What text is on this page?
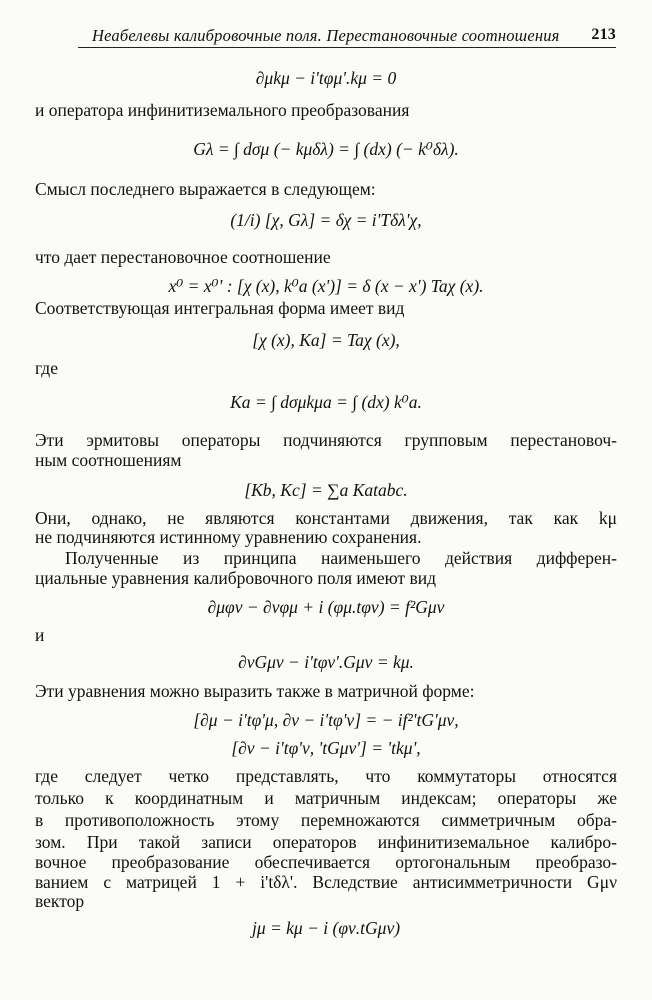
Неабелевы калибровочные поля. Перестановочные соотношения 213
∂μkμ − i'tφμ'.kμ = 0
и оператора инфинитиземального преобразования
Gλ = ∫ dσμ (− kμδλ) = ∫ (dx) (− k⁰δλ).
Смысл последнего выражается в следующем:
(1/i) [χ, Gλ] = δχ = i'Tδλ'χ,
что дает перестановочное соотношение
x⁰ = x⁰' : [χ (x), k⁰a (x')] = δ (x − x') Taχ (x).
Соответствующая интегральная форма имеет вид
[χ (x), Ka] = Taχ (x),
где
Ka = ∫ dσμkμa = ∫ (dx) k⁰a.
Эти эрмитовы операторы подчиняются групповым перестановоч-
ным соотношениям
[Kb, Kc] = ∑a Katabc.
Они, однако, не являются константами движения, так как kμ
не подчиняются истинному уравнению сохранения.
Полученные из принципа наименьшего действия дифферен-
циальные уравнения калибровочного поля имеют вид
∂μφν − ∂νφμ + i (φμ.tφν) = f²Gμν
и
∂νGμν − i'tφν'.Gμν = kμ.
Эти уравнения можно выразить также в матричной форме:
[∂μ − i'tφ'μ, ∂ν − i'tφ'ν] = − if²'tG'μν,
[∂ν − i'tφ'ν, 'tGμν'] = 'tkμ',
где следует четко представлять, что коммутаторы относятся
только к координатным и матричным индексам; операторы же
в противоположность этому перемножаются симметричным обра-
зом. При такой записи операторов инфинитиземальное калибро-
вочное преобразование обеспечивается ортогональным преобразо-
ванием с матрицей 1 + i'tδλ'. Вследствие антисимметричности Gμν
вектор
jμ = kμ − i (φν.tGμν)
